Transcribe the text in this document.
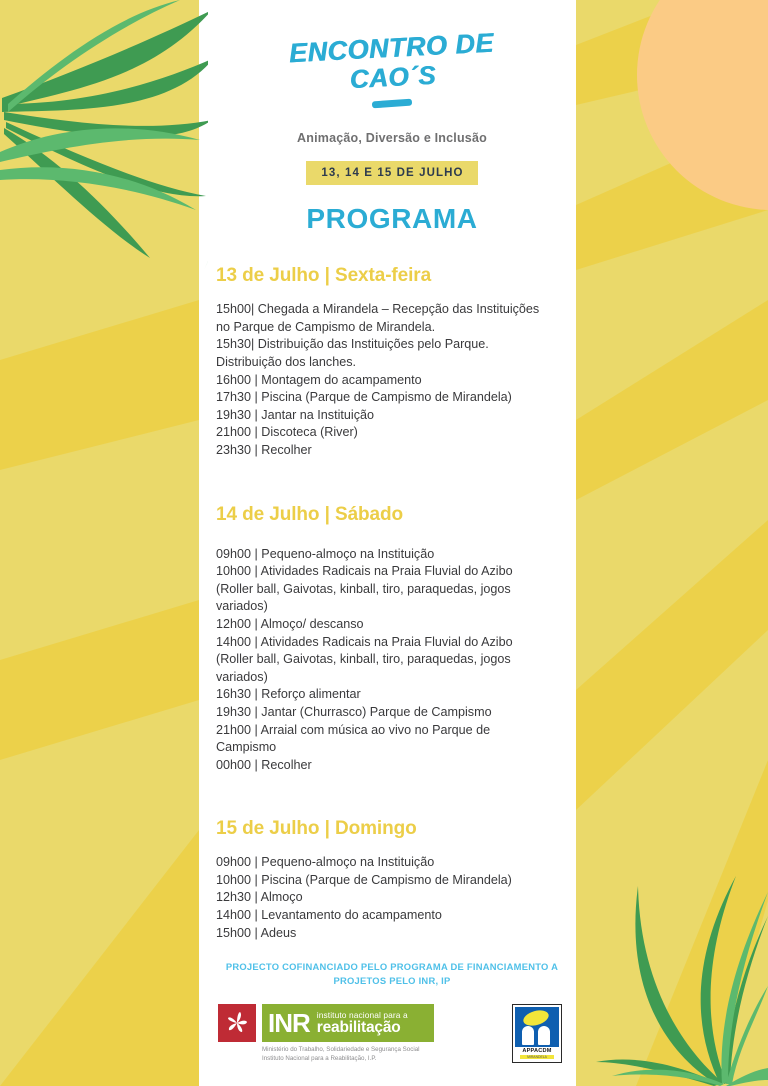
ENCONTRO DE
CAO´S
Animação, Diversão e Inclusão
13, 14 E 15 DE JULHO
PROGRAMA
13 de Julho | Sexta-feira
15h00| Chegada a Mirandela – Recepção das Instituições
no Parque de Campismo de Mirandela.
15h30| Distribuição das Instituições pelo Parque.
Distribuição dos lanches.
16h00 | Montagem do acampamento
17h30 | Piscina (Parque de Campismo de Mirandela)
19h30 | Jantar na Instituição
21h00 | Discoteca (River)
23h30 | Recolher
14 de Julho | Sábado
09h00 | Pequeno-almoço na Instituição
10h00 | Atividades Radicais na Praia Fluvial do Azibo
(Roller ball, Gaivotas, kinball, tiro, paraquedas, jogos
variados)
12h00 | Almoço/ descanso
14h00 | Atividades Radicais na Praia Fluvial do Azibo
(Roller ball, Gaivotas, kinball, tiro, paraquedas, jogos
variados)
16h30 | Reforço alimentar
19h30 | Jantar (Churrasco) Parque de Campismo
21h00 | Arraial com música ao vivo no Parque de
Campismo
00h00 | Recolher
15 de Julho | Domingo
09h00 | Pequeno-almoço na Instituição
10h00 | Piscina (Parque de Campismo de Mirandela)
12h30 | Almoço
14h00 | Levantamento do acampamento
15h00 | Adeus
PROJECTO COFINANCIADO PELO PROGRAMA DE FINANCIAMENTO A
PROJETOS PELO INR, IP
INR instituto nacional para a
reabilitação
Ministério do Trabalho, Solidariedade e Segurança Social
Instituto Nacional para a Reabilitação, I.P.
APPACDM
MIRANDELA
